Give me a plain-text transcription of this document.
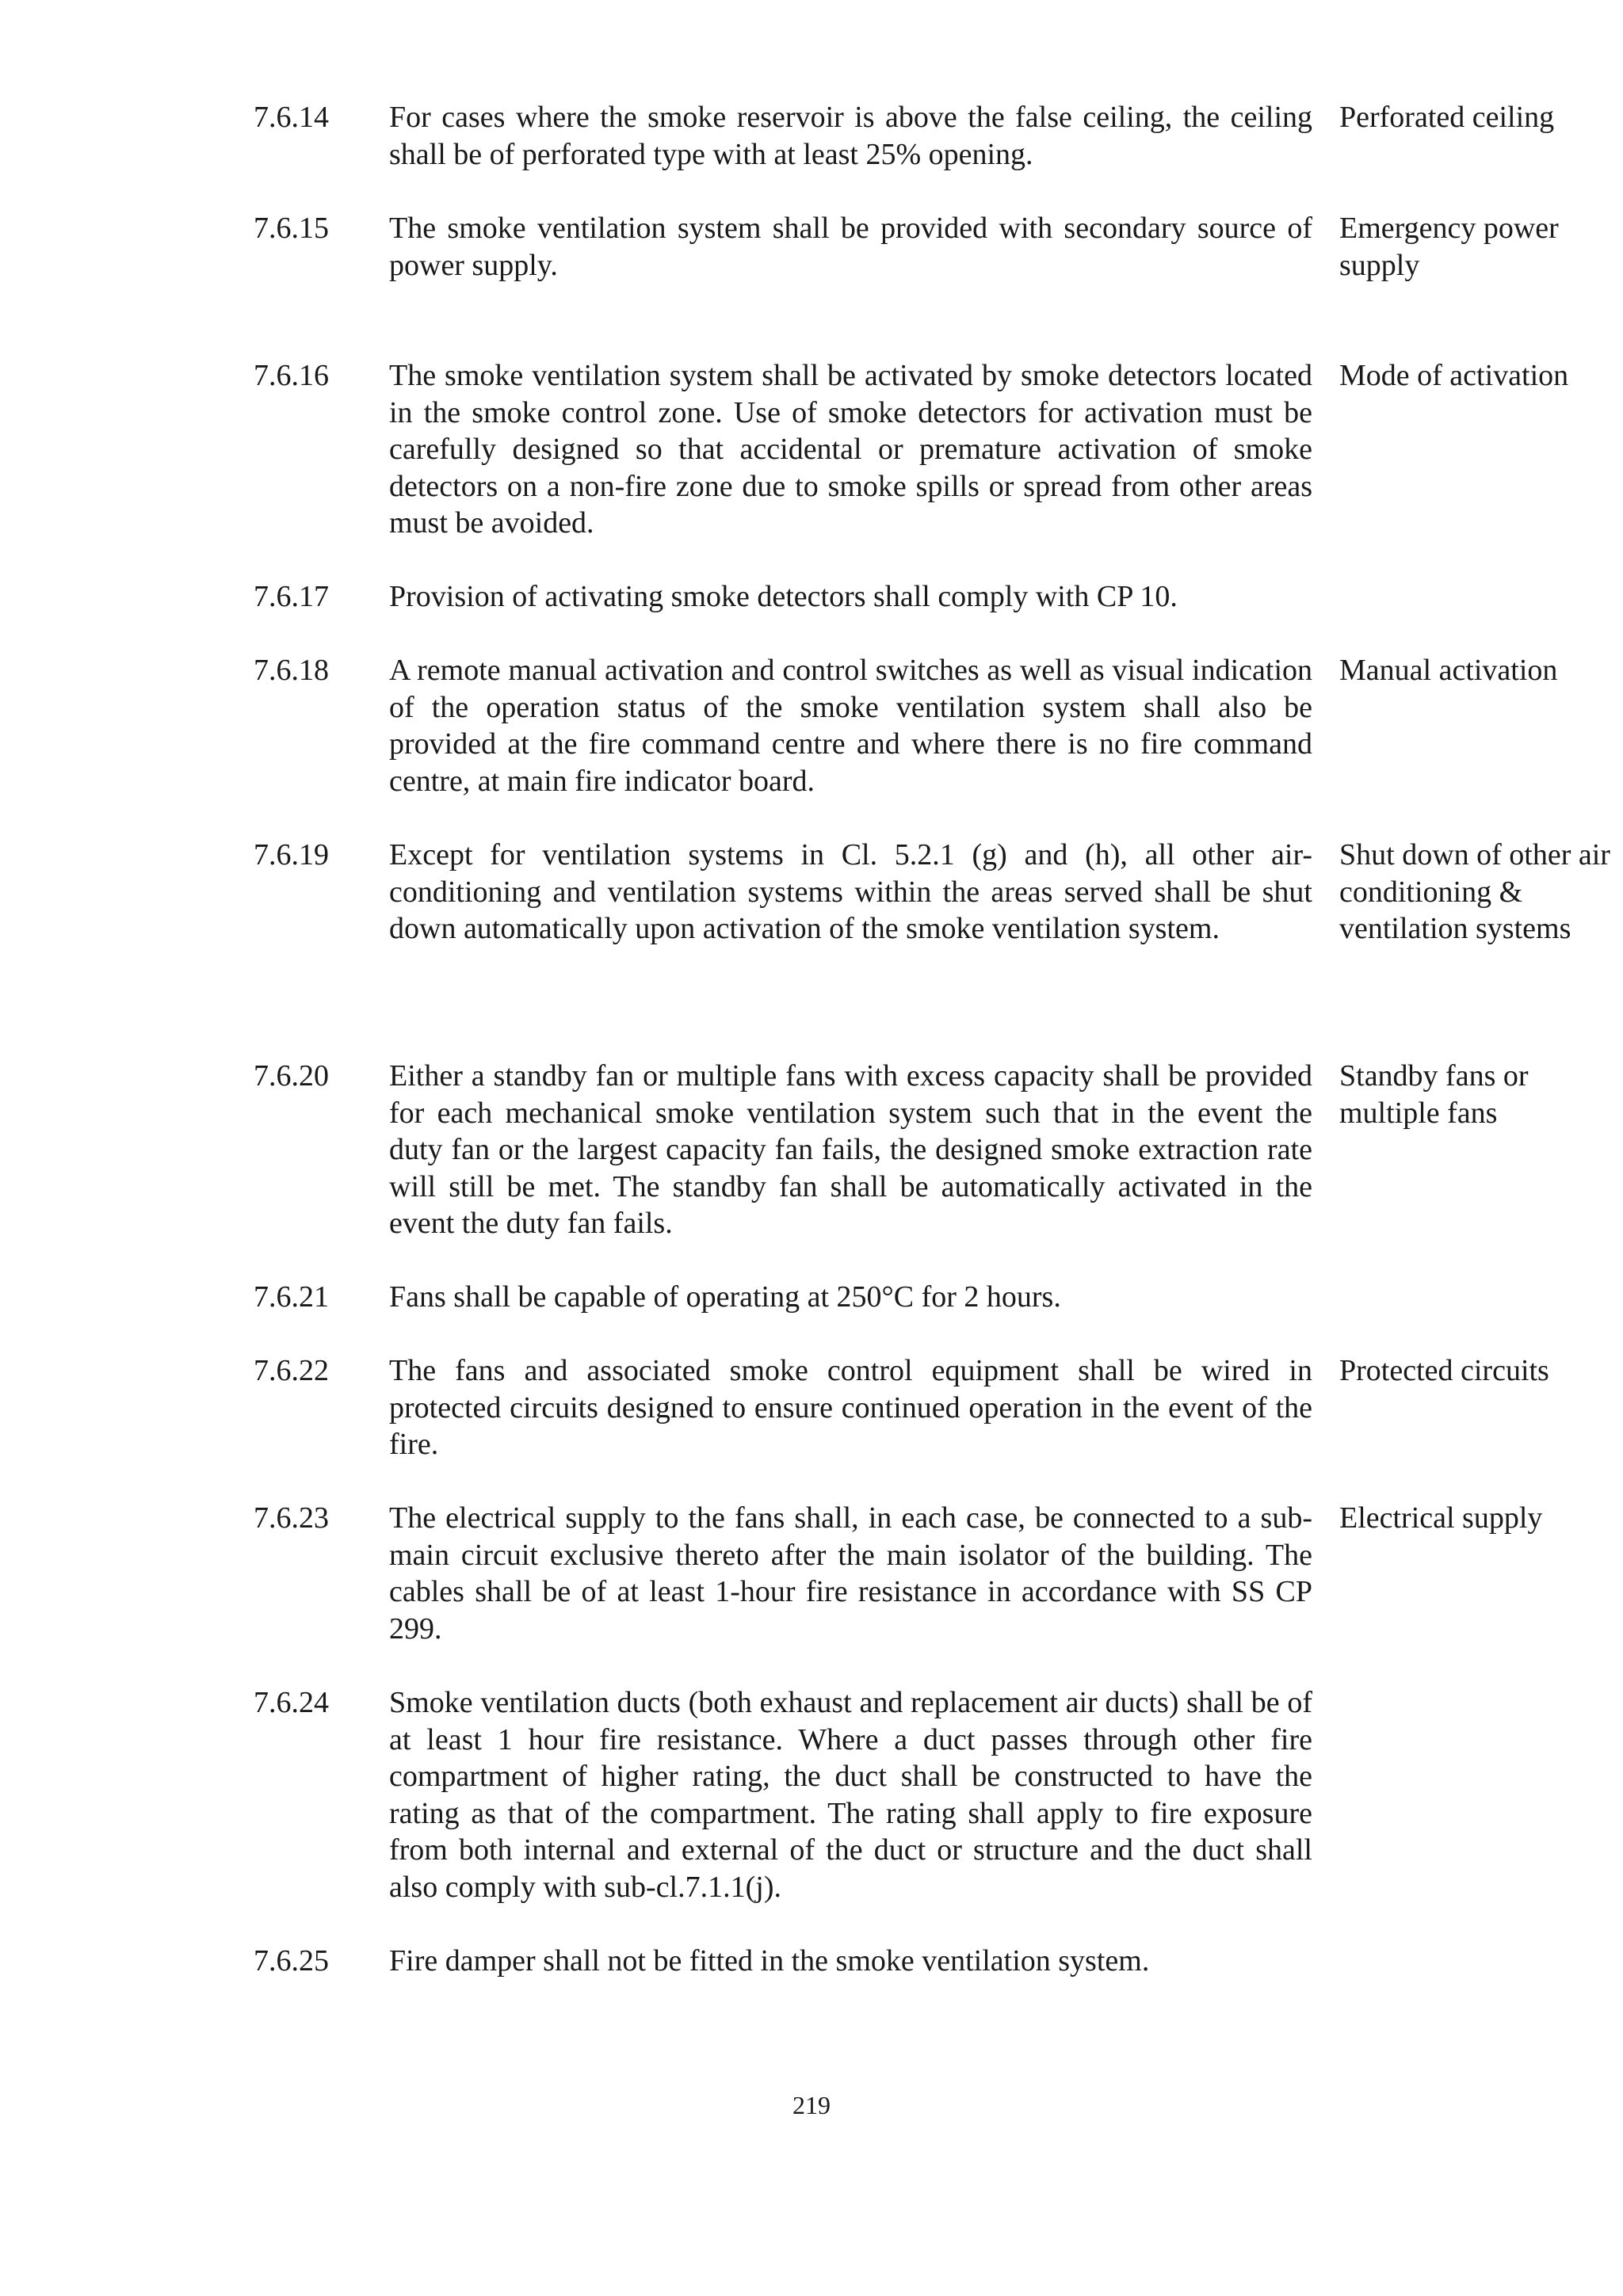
7.6.14	For cases where the smoke reservoir is above the false ceiling, the ceiling shall be of perforated type with at least 25% opening.
Perforated ceiling
7.6.15	The smoke ventilation system shall be provided with secondary source of power supply.
Emergency power supply
7.6.16	The smoke ventilation system shall be activated by smoke detectors located in the smoke control zone. Use of smoke detectors for activation must be carefully designed so that accidental or premature activation of smoke detectors on a non-fire zone due to smoke spills or spread from other areas must be avoided.
Mode of activation
7.6.17	Provision of activating smoke detectors shall comply with CP 10.
7.6.18	A remote manual activation and control switches as well as visual indication of the operation status of the smoke ventilation system shall also be provided at the fire command centre and where there is no fire command centre, at main fire indicator board.
Manual activation
7.6.19	Except for ventilation systems in Cl. 5.2.1 (g) and (h), all other air-conditioning and ventilation systems within the areas served shall be shut down automatically upon activation of the smoke ventilation system.
Shut down of other air conditioning & ventilation systems
7.6.20	Either a standby fan or multiple fans with excess capacity shall be provided for each mechanical smoke ventilation system such that in the event the duty fan or the largest capacity fan fails, the designed smoke extraction rate will still be met. The standby fan shall be automatically activated in the event the duty fan fails.
Standby fans or multiple fans
7.6.21	Fans shall be capable of operating at 250°C for 2 hours.
7.6.22	The fans and associated smoke control equipment shall be wired in protected circuits designed to ensure continued operation in the event of the fire.
Protected circuits
7.6.23	The electrical supply to the fans shall, in each case, be connected to a sub-main circuit exclusive thereto after the main isolator of the building. The cables shall be of at least 1-hour fire resistance in accordance with SS CP 299.
Electrical supply
7.6.24	Smoke ventilation ducts (both exhaust and replacement air ducts) shall be of at least 1 hour fire resistance. Where a duct passes through other fire compartment of higher rating, the duct shall be constructed to have the rating as that of the compartment. The rating shall apply to fire exposure from both internal and external of the duct or structure and the duct shall also comply with sub-cl.7.1.1(j).
7.6.25	Fire damper shall not be fitted in the smoke ventilation system.
219
